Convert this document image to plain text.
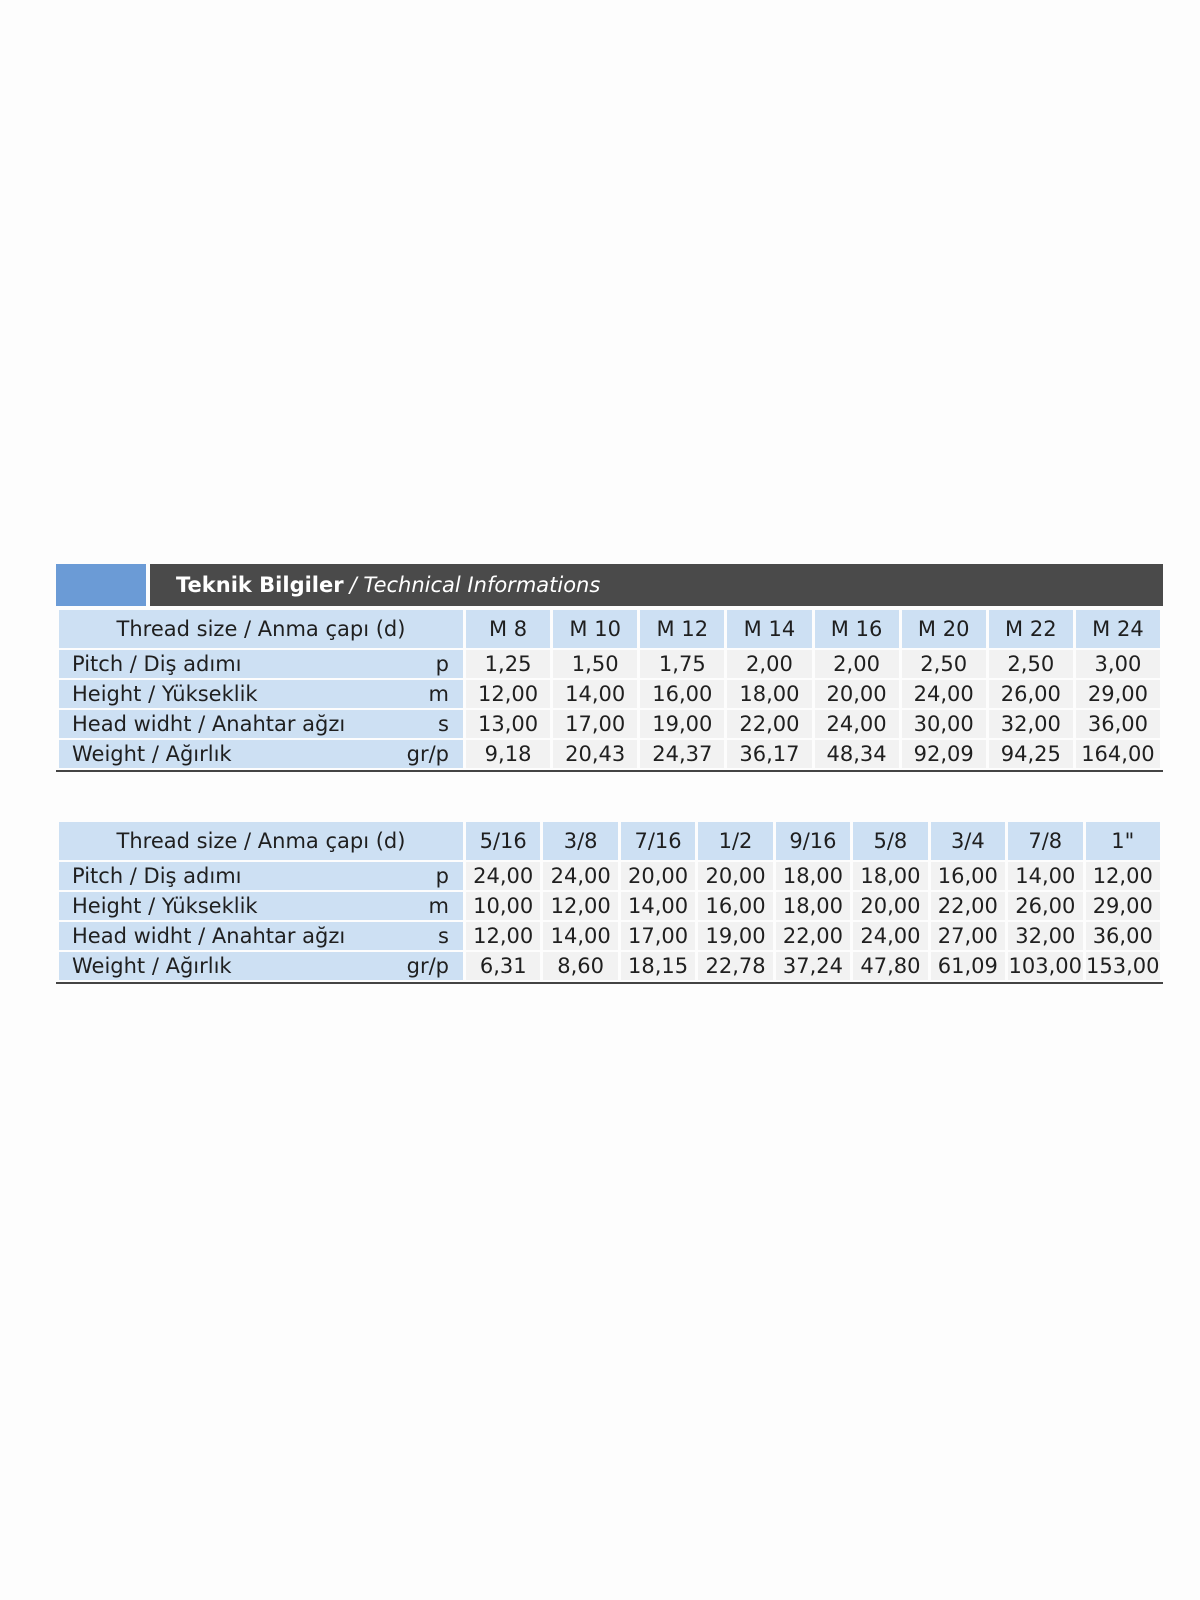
Teknik Bilgiler / Technical Informations
Thread size / Anma çapı (d)	M 8	M 10	M 12	M 14	M 16	M 20	M 22	M 24

Pitch / Diş adımı p	1,25	1,50	1,75	2,00	2,00	2,50	2,50	3,00

Height / Yükseklik m	12,00	14,00	16,00	18,00	20,00	24,00	26,00	29,00

Head widht / Anahtar ağzı s	13,00	17,00	19,00	22,00	24,00	30,00	32,00	36,00

Weight / Ağırlık gr/p	9,18	20,43	24,37	36,17	48,34	92,09	94,25	164,00
Thread size / Anma çapı (d)	5/16	3/8	7/16	1/2	9/16	5/8	3/4	7/8	1"

Pitch / Diş adımı p	24,00	24,00	20,00	20,00	18,00	18,00	16,00	14,00	12,00

Height / Yükseklik m	10,00	12,00	14,00	16,00	18,00	20,00	22,00	26,00	29,00

Head widht / Anahtar ağzı s	12,00	14,00	17,00	19,00	22,00	24,00	27,00	32,00	36,00

Weight / Ağırlık gr/p	6,31	8,60	18,15	22,78	37,24	47,80	61,09	103,00	153,00
